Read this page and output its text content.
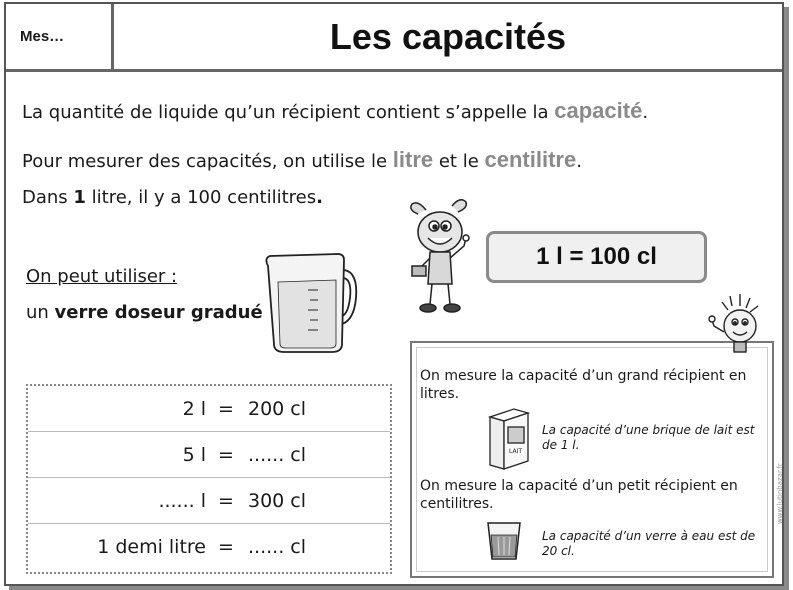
Mes…	Les capacités
La quantité de liquide qu’un récipient contient s’appelle la capacité.
Pour mesurer des capacités, on utilise le litre et le centilitre.
Dans 1 litre, il y a 100 centilitres.
1 l = 100 cl
On peut utiliser :
un verre doseur gradué
2 l = 200 cl
5 l = ...... cl
...... l = 300 cl
1 demi litre = ...... cl
On mesure la capacité d’un grand récipient en litres.
LAIT
La capacité d’une brique de lait est de 1 l.
On mesure la capacité d’un petit récipient en centilitres.
La capacité d’un verre à eau est de 20 cl.
www.lutinbazar.fr
